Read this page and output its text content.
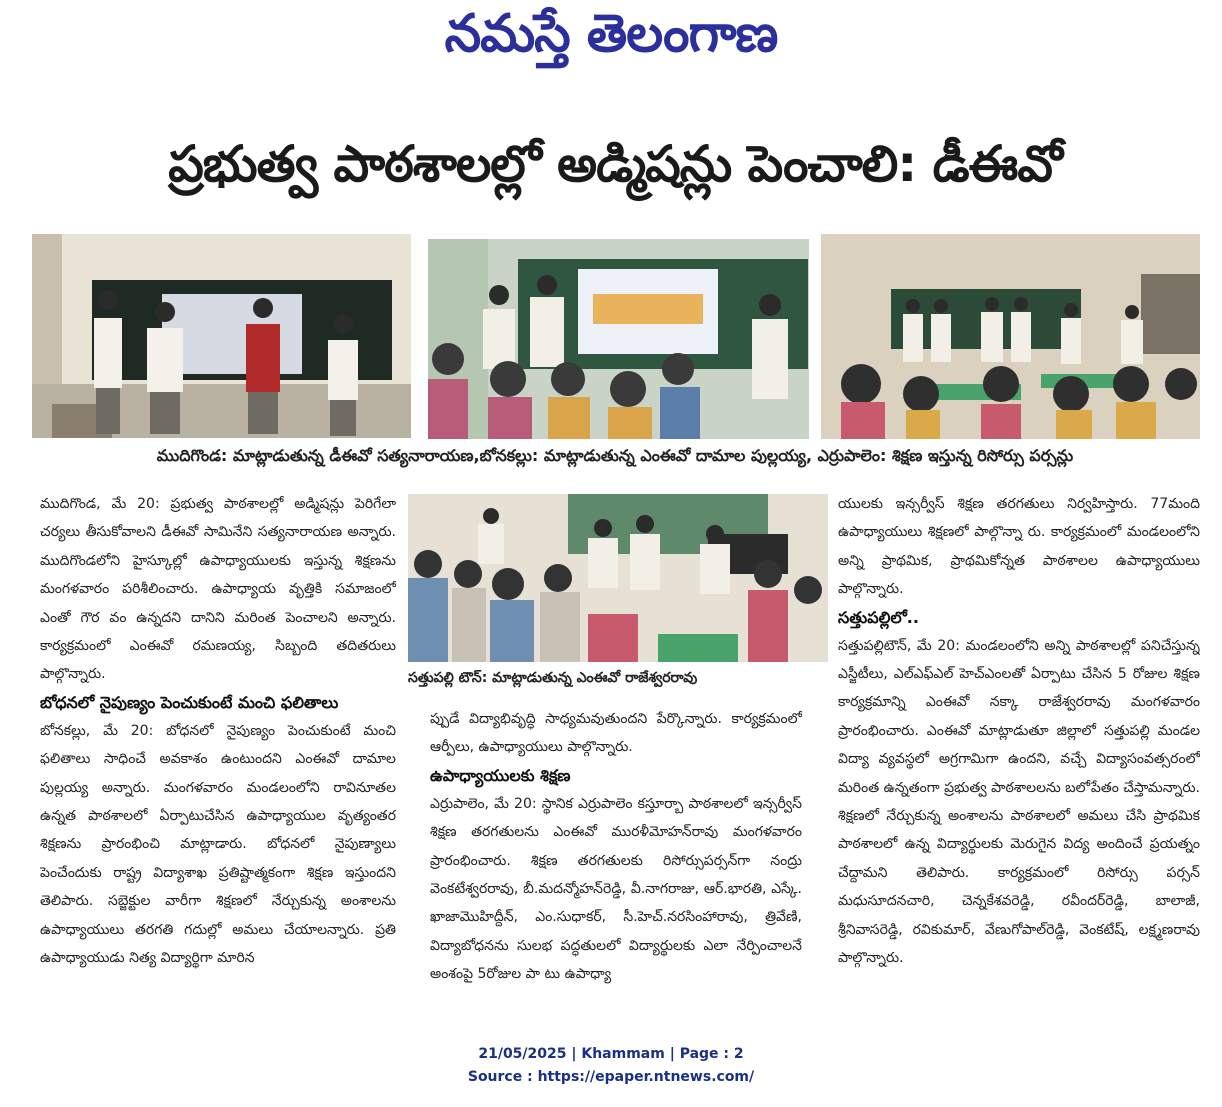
నమస్తే తెలంగాణ
ప్రభుత్వ పాఠశాలల్లో అడ్మిషన్లు పెంచాలి: డీఈవో
ముదిగొండ: మాట్లాడుతున్న డీఈవో సత్యనారాయణ,బోనకల్లు: మాట్లాడుతున్న ఎంఈవో దామాల పుల్లయ్య, ఎర్రుపాలెం: శిక్షణ ఇస్తున్న రిసోర్సు పర్సన్లు
సత్తుపల్లి టౌన్: మాట్లాడుతున్న ఎంఈవో రాజేశ్వరరావు

ముదిగొండ, మే 20: ప్రభుత్వ పాఠశాలల్లో అడ్మిషన్లు పెరిగేలా చర్యలు తీసుకోవాలని డీఈవో సామినేని సత్యనారాయణ అన్నారు. ముదిగొండలోని హైస్కూల్లో ఉపాధ్యాయులకు ఇస్తున్న శిక్షణను మంగళవారం పరిశీలించారు. ఉపాధ్యాయ వృత్తికి సమాజంలో ఎంతో గౌర వం ఉన్నదని దానిని మరింత పెంచాలని అన్నారు. కార్యక్రమంలో ఎంఈవో రమణయ్య, సిబ్బంది తదితరులు పాల్గొన్నారు.

బోధనలో నైపుణ్యం పెంచుకుంటే మంచి ఫలితాలు

బోనకల్లు, మే 20: బోధనలో నైపుణ్యం పెంచుకుంటే మంచి ఫలితాలు సాధించే అవకాశం ఉంటుందని ఎంఈవో దామాల పుల్లయ్య అన్నారు. మంగళవారం మండలంలోని రావినూతల ఉన్నత పాఠశాలలో ఏర్పాటుచేసిన ఉపాధ్యాయుల వృత్యంతర శిక్షణను ప్రారంభించి మాట్లాడారు. బోధనలో నైపుణ్యాలు పెంచేందుకు రాష్ట్ర విద్యాశాఖ ప్రతిష్టాత్మకంగా శిక్షణ ఇస్తుందని తెలిపారు. సబ్జెక్టుల వారీగా శిక్షణలో నేర్చుకున్న అంశాలను ఉపాధ్యాయులు తరగతి గదుల్లో అమలు చేయాలన్నారు. ప్రతి ఉపాధ్యాయుడు నిత్య విద్యార్థిగా మారిన

ప్పుడే విద్యాభివృద్ధి సాధ్యమవుతుందని పేర్కొన్నారు. కార్యక్రమంలో ఆర్పీలు, ఉపాధ్యాయులు పాల్గొన్నారు.

ఉపాధ్యాయులకు శిక్షణ

ఎర్రుపాలెం, మే 20: స్థానిక ఎర్రుపాలెం కస్తూర్బా పాఠశాలలో ఇన్సర్వీస్ శిక్షణ తరగతులను ఎంఈవో మురళీమోహన్‌రావు మంగళవారం ప్రారంభించారు. శిక్షణ తరగతులకు రిసోర్సుపర్సన్‌గా నంద్రు వెంకటేశ్వరరావు, బీ.మదన్మోహన్‌రెడ్డి, వీ.నాగరాజు, ఆర్.భారతి, ఎస్కే. ఖాజామొహిద్దీన్, ఎం.సుధాకర్, సీ.హెచ్.నరసింహారావు, త్రివేణి, విద్యాబోధనను సులభ పద్ధతులలో విద్యార్థులకు ఎలా నేర్పించాలనే అంశంపై 5రోజుల పా టు ఉపాధ్యా

యులకు ఇన్సర్వీస్ శిక్షణ తరగతులు నిర్వహిస్తారు. 77మంది ఉపాధ్యాయులు శిక్షణలో పాల్గొన్నా రు. కార్యక్రమంలో మండలంలోని అన్ని ప్రాథమిక, ప్రాథమికోన్నత పాఠశాలల ఉపాధ్యాయులు పాల్గొన్నారు.

సత్తుపల్లిలో..

సత్తుపల్లిటౌన్, మే 20: మండలంలోని అన్ని పాఠశాలల్లో పనిచేస్తున్న ఎస్జీటీలు, ఎల్ఎఫ్ఎల్ హెచ్ఎంలతో ఏర్పాటు చేసిన 5 రోజుల శిక్షణ కార్యక్రమాన్ని ఎంఈవో నక్కా రాజేశ్వరరావు మంగళవారం ప్రారంభించారు. ఎంఈవో మాట్లాడుతూ జిల్లాలో సత్తుపల్లి మండల విద్యా వ్యవస్థలో అగ్రగామిగా ఉందని, వచ్చే విద్యాసంవత్సరంలో మరింత ఉన్నతంగా ప్రభుత్వ పాఠశాలలను బలోపేతం చేస్తామన్నారు. శిక్షణలో నేర్చుకున్న అంశాలను పాఠశాలలో అమలు చేసి ప్రాథమిక పాఠశాలలో ఉన్న విద్యార్థులకు మెరుగైన విద్య అందించే ప్రయత్నం చేద్దామని తెలిపారు. కార్యక్రమంలో రిసోర్సు పర్సన్ మధుసూదనచారి, చెన్నకేశవరెడ్డి, రవీందర్‌రెడ్డి, బాలాజీ, శ్రీనివాసరెడ్డి, రవికుమార్, వేణుగోపాల్‌రెడ్డి, వెంకటేష్, లక్ష్మణరావు పాల్గొన్నారు.

21/05/2025 | Khammam | Page : 2
Source : https://epaper.ntnews.com/
